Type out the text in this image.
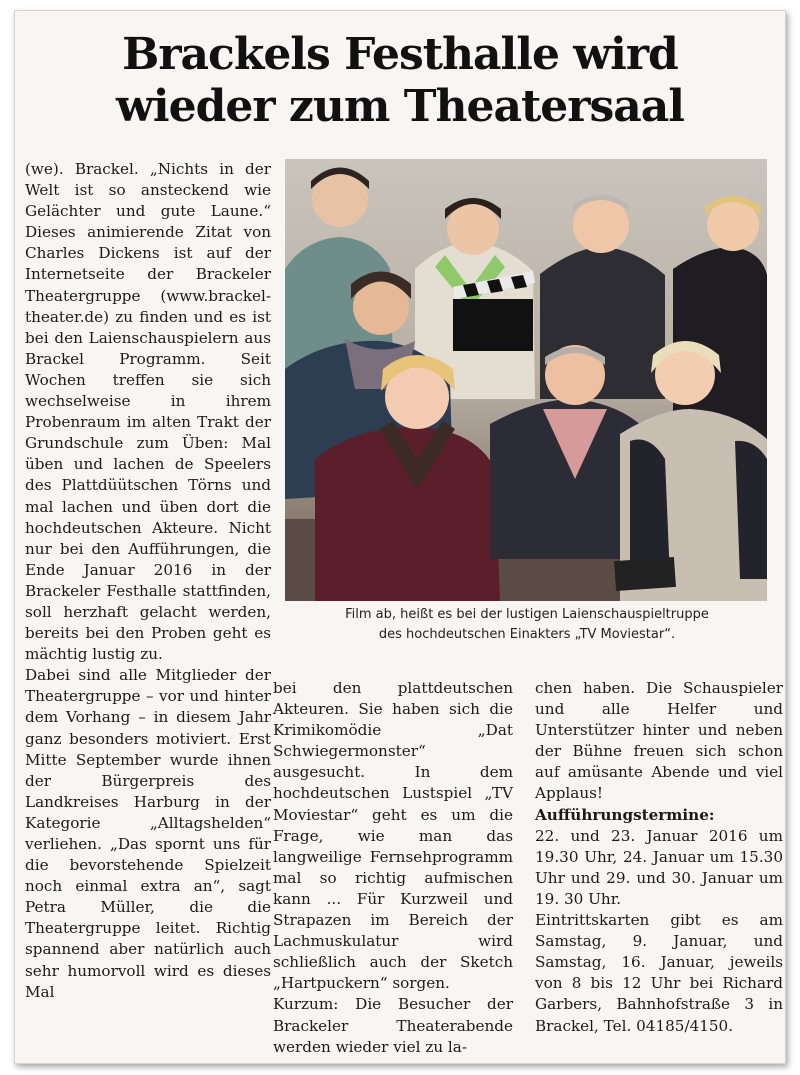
Brackels Festhalle wird
wieder zum Theatersaal

(we). Brackel. „Nichts in der Welt ist so ansteckend wie Gelächter und gute Laune.“ Dieses animierende Zitat von Charles Dickens ist auf der Internetseite der Brackeler Theatergruppe (www.brackel-theater.de) zu finden und es ist bei den Laienschauspielern aus Brackel Programm. Seit Wochen treffen sie sich wechselweise in ihrem Probenraum im alten Trakt der Grundschule zum Üben: Mal üben und lachen de Speelers des Plattdüütschen Törns und mal lachen und üben dort die hochdeutschen Akteure. Nicht nur bei den Aufführungen, die Ende Januar 2016 in der Brackeler Festhalle stattfinden, soll herzhaft gelacht werden, bereits bei den Proben geht es mächtig lustig zu.

Dabei sind alle Mitglieder der Theatergruppe – vor und hinter dem Vorhang – in diesem Jahr ganz besonders motiviert. Erst Mitte September wurde ihnen der Bürgerpreis des Landkreises Harburg in der Kategorie „Alltagshelden“ verliehen. „Das spornt uns für die bevorstehende Spielzeit noch einmal extra an“, sagt Petra Müller, die die Theatergruppe leitet. Richtig spannend aber natürlich auch sehr humorvoll wird es dieses Mal

Film ab, heißt es bei der lustigen Laienschauspieltruppe
des hochdeutschen Einakters „TV Moviestar“.

bei den plattdeutschen Akteuren. Sie haben sich die Krimikomödie „Dat Schwiegermonster“ ausgesucht. In dem hochdeutschen Lustspiel „TV Moviestar“ geht es um die Frage, wie man das langweilige Fernsehprogramm mal so richtig aufmischen kann ... Für Kurzweil und Strapazen im Bereich der Lachmuskulatur wird schließlich auch der Sketch „Hartpuckern“ sorgen.

Kurzum: Die Besucher der Brackeler Theaterabende werden wieder viel zu la-

chen haben. Die Schauspieler und alle Helfer und Unterstützer hinter und neben der Bühne freuen sich schon auf amüsante Abende und viel Applaus!

Aufführungstermine:

22. und 23. Januar 2016 um 19.30 Uhr, 24. Januar um 15.30 Uhr und 29. und 30. Januar um 19. 30 Uhr.

Eintrittskarten gibt es am Samstag, 9. Januar, und Samstag, 16. Januar, jeweils von 8 bis 12 Uhr bei Richard Garbers, Bahnhofstraße 3 in Brackel, Tel. 04185/4150.
